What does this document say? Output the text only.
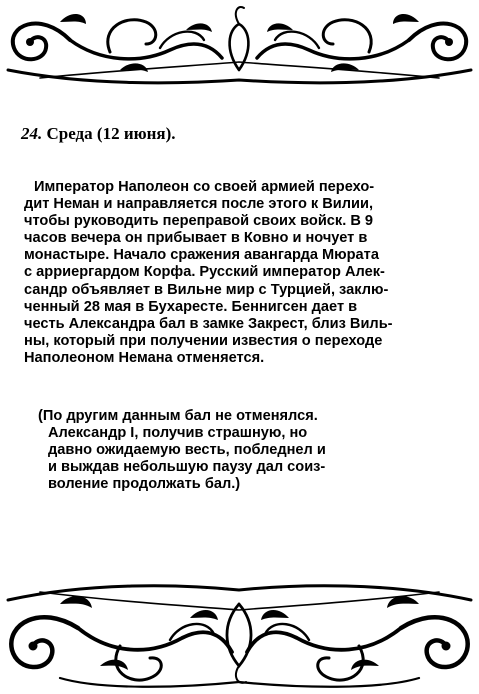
24. Среда (12 июня).
Император Наполеон со своей армией перехо-
дит Неман и направляется после этого к Вилии,
чтобы руководить переправой своих войск. В 9
часов вечера он прибывает в Ковно и ночует в
монастыре. Начало сражения авангарда Мюрата
с арриергардом Корфа. Русский император Алек-
сандр объявляет в Вильне мир с Турцией, заклю-
ченный 28 мая в Бухаресте. Беннигсен дает в
честь Александра бал в замке Закрест, близ Виль-
ны, который при получении известия о переходе
Наполеоном Немана отменяется.
(По другим данным бал не отменялся.
Александр I, получив страшную, но
давно ожидаемую весть, побледнел и
и выждав небольшую паузу дал соиз-
воление продолжать бал.)
